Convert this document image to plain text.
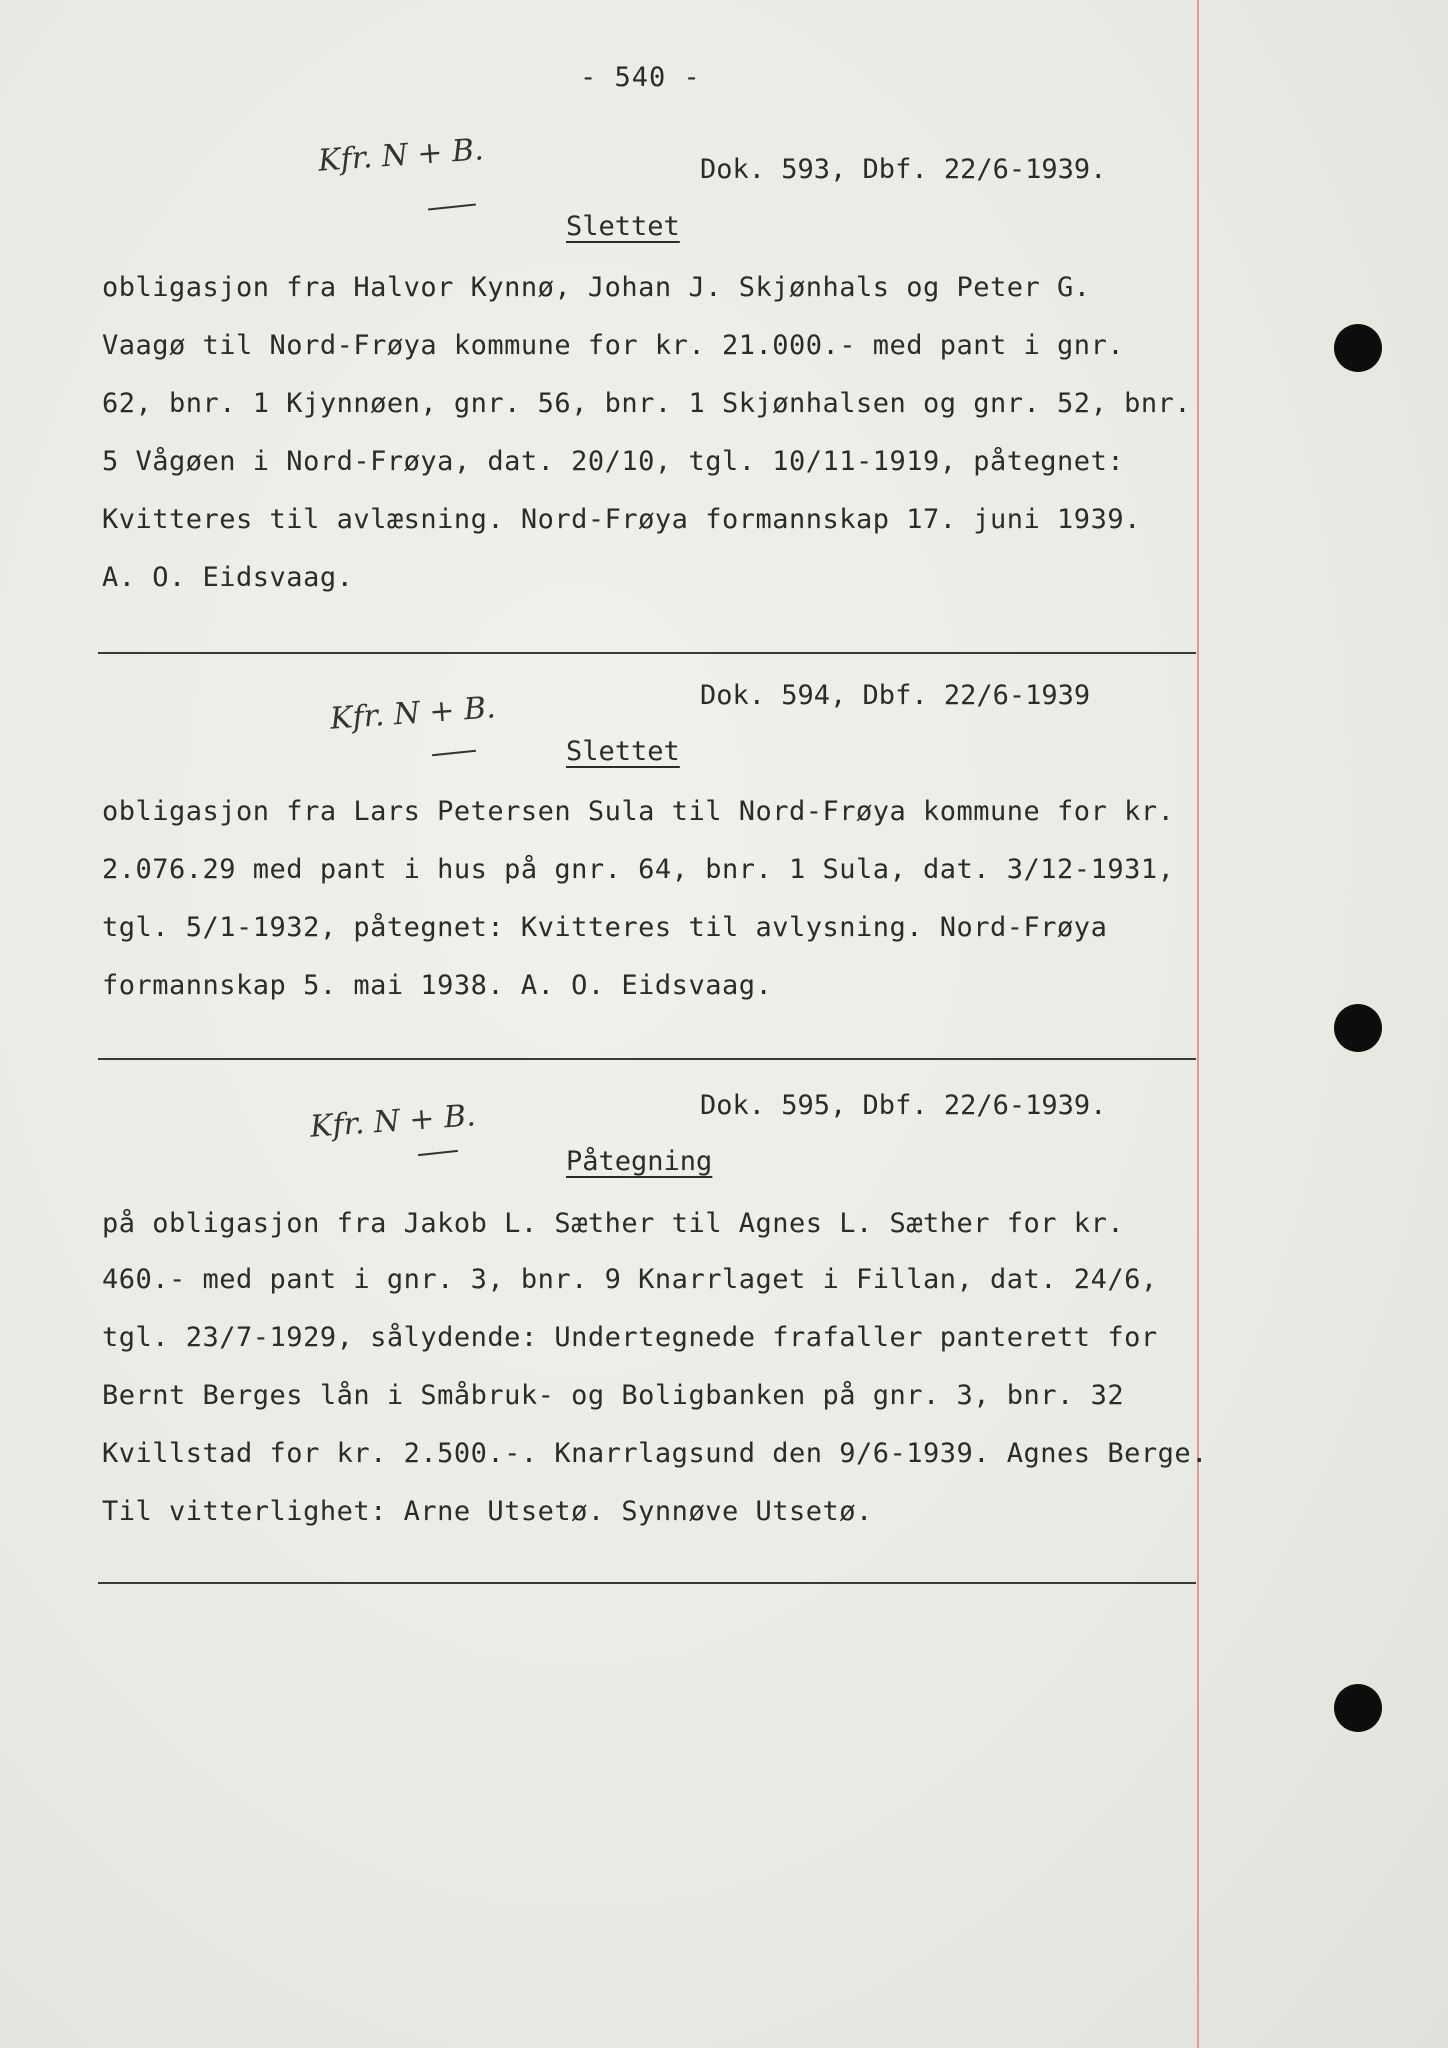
- 540 -
Kfr. N + B.	Dok. 593, Dbf. 22/6-1939.
Slettet
obligasjon fra Halvor Kynnø, Johan J. Skjønhals og Peter G.
Vaagø til Nord-Frøya kommune for kr. 21.000.- med pant i gnr.
62, bnr. 1 Kjynnøen, gnr. 56, bnr. 1 Skjønhalsen og gnr. 52, bnr.
5 Vågøen i Nord-Frøya, dat. 20/10, tgl. 10/11-1919, påtegnet:
Kvitteres til avlæsning. Nord-Frøya formannskap 17. juni 1939.
A. O. Eidsvaag.
Kfr. N + B.	Dok. 594, Dbf. 22/6-1939
Slettet
obligasjon fra Lars Petersen Sula til Nord-Frøya kommune for kr.
2.076.29 med pant i hus på gnr. 64, bnr. 1 Sula, dat. 3/12-1931,
tgl. 5/1-1932, påtegnet: Kvitteres til avlysning. Nord-Frøya
formannskap 5. mai 1938. A. O. Eidsvaag.
Kfr. N + B.	Dok. 595, Dbf. 22/6-1939.
Påtegning
på obligasjon fra Jakob L. Sæther til Agnes L. Sæther for kr.
460.- med pant i gnr. 3, bnr. 9 Knarrlaget i Fillan, dat. 24/6,
tgl. 23/7-1929, sålydende: Undertegnede frafaller panterett for
Bernt Berges lån i Småbruk- og Boligbanken på gnr. 3, bnr. 32
Kvillstad for kr. 2.500.-. Knarrlagsund den 9/6-1939. Agnes Berge.
Til vitterlighet: Arne Utsetø. Synnøve Utsetø.
